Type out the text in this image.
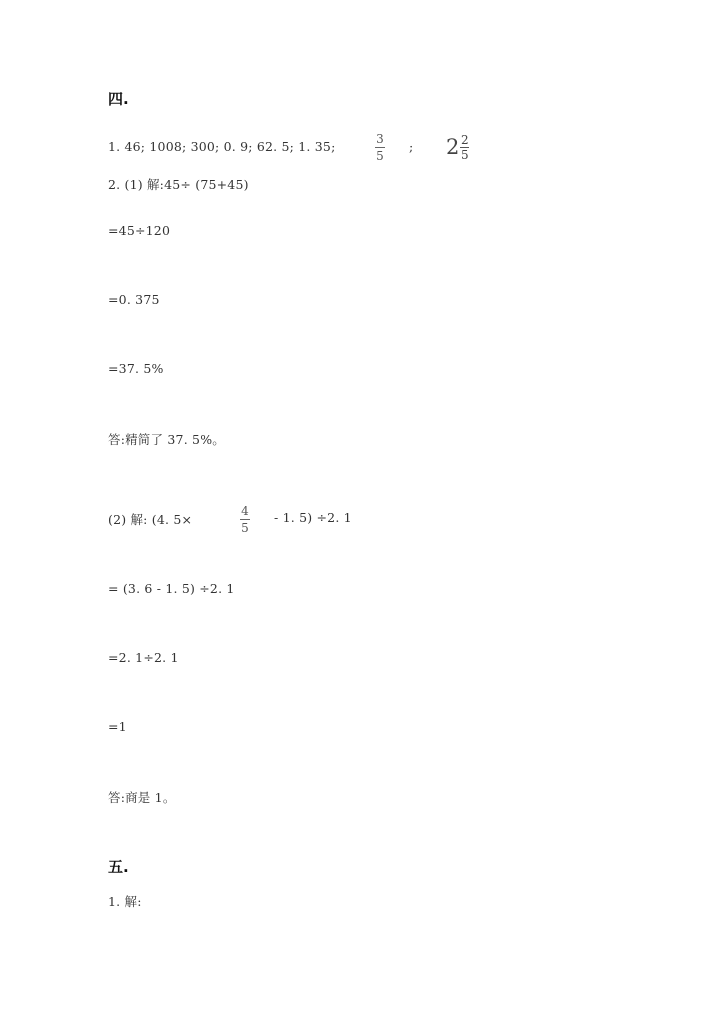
四.
1. 46; 1008; 300; 0. 9; 62. 5; 1. 35;	3
5
; 2 2
5
2. (1) 解:45÷ (75+45)
=45÷120
=0. 375
=37. 5%
答:精简了 37. 5%。
(2) 解: (4. 5×
4
5
- 1. 5) ÷2. 1
= (3. 6 - 1. 5) ÷2. 1
=2. 1÷2. 1
=1
答:商是 1。
五.
1. 解:
